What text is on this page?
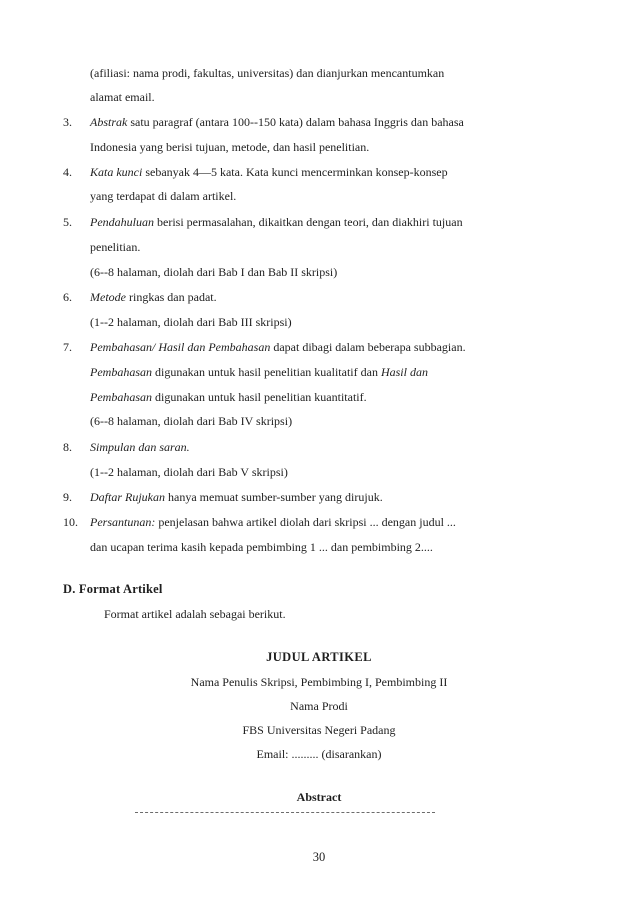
(afiliasi: nama prodi, fakultas, universitas) dan dianjurkan mencantumkan
alamat email.
3. Abstrak satu paragraf (antara 100--150 kata) dalam bahasa Inggris dan bahasa
Indonesia yang berisi tujuan, metode, dan hasil penelitian.
4. Kata kunci sebanyak 4—5 kata. Kata kunci mencerminkan konsep-konsep
yang terdapat di dalam artikel.
5. Pendahuluan berisi permasalahan, dikaitkan dengan teori, dan diakhiri tujuan
penelitian.
(6--8 halaman, diolah dari Bab I dan Bab II skripsi)
6. Metode ringkas dan padat.
(1--2 halaman, diolah dari Bab III skripsi)
7. Pembahasan/ Hasil dan Pembahasan dapat dibagi dalam beberapa subbagian.
Pembahasan digunakan untuk hasil penelitian kualitatif dan Hasil dan
Pembahasan digunakan untuk hasil penelitian kuantitatif.
(6--8 halaman, diolah dari Bab IV skripsi)
8. Simpulan dan saran.
(1--2 halaman, diolah dari Bab V skripsi)
9. Daftar Rujukan hanya memuat sumber-sumber yang dirujuk.
10. Persantunan: penjelasan bahwa artikel diolah dari skripsi ... dengan judul ...
dan ucapan terima kasih kepada pembimbing 1 ... dan pembimbing 2....
D. Format Artikel
Format artikel adalah sebagai berikut.
JUDUL ARTIKEL
Nama Penulis Skripsi, Pembimbing I, Pembimbing II
Nama Prodi
FBS Universitas Negeri Padang
Email: ......... (disarankan)
Abstract
30
